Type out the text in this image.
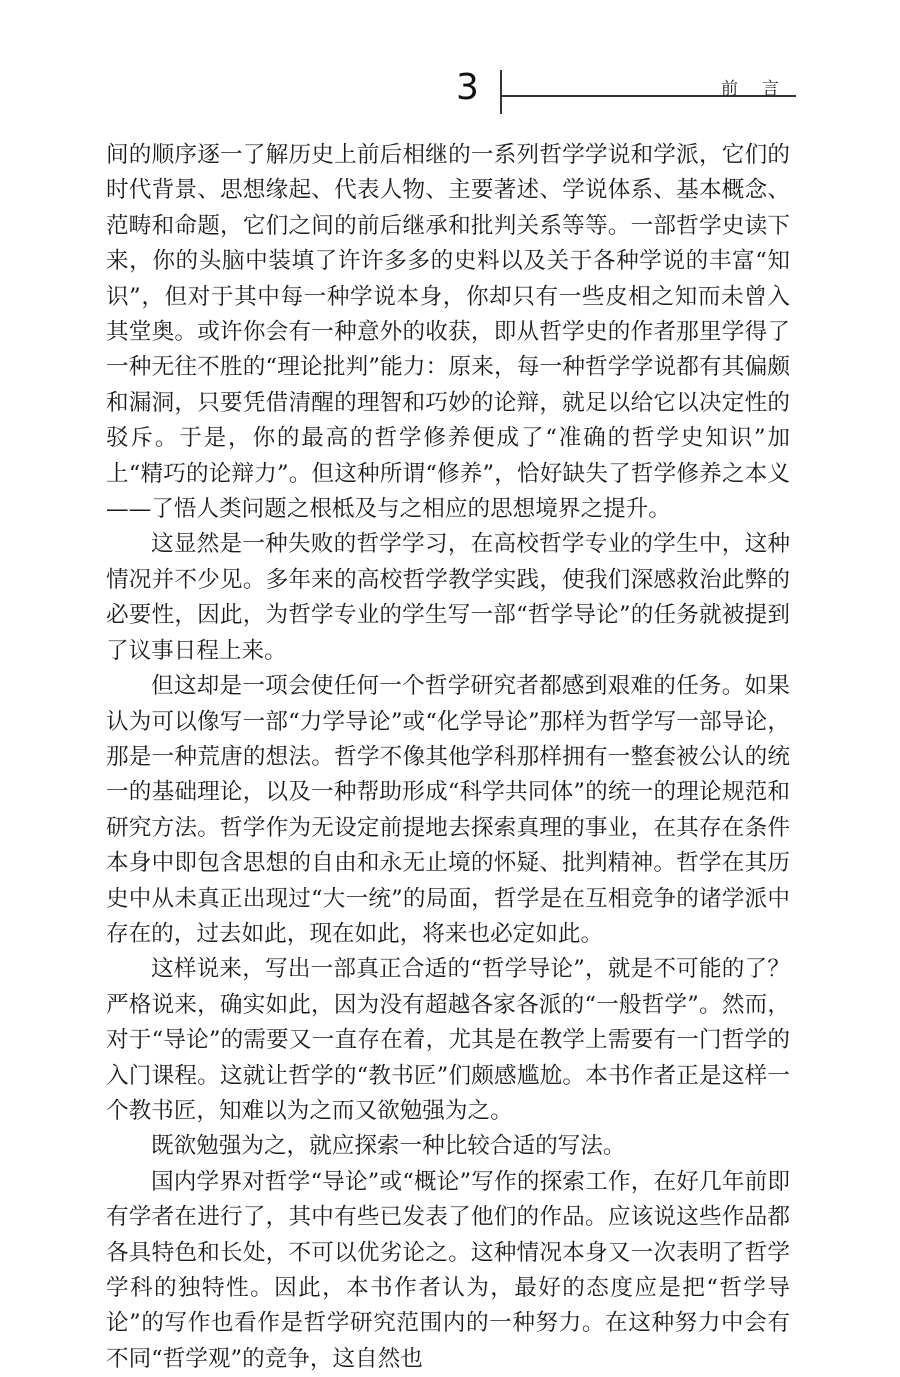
3	前言

间的顺序逐一了解历史上前后相继的一系列哲学学说和学派，它们的时代背景、思想缘起、代表人物、主要著述、学说体系、基本概念、范畴和命题，它们之间的前后继承和批判关系等等。一部哲学史读下来，你的头脑中装填了许许多多的史料以及关于各种学说的丰富“知识”，但对于其中每一种学说本身，你却只有一些皮相之知而未曾入其堂奥。或许你会有一种意外的收获，即从哲学史的作者那里学得了一种无往不胜的“理论批判”能力：原来，每一种哲学学说都有其偏颇和漏洞，只要凭借清醒的理智和巧妙的论辩，就足以给它以决定性的驳斥。于是，你的最高的哲学修养便成了“准确的哲学史知识”加上“精巧的论辩力”。但这种所谓“修养”，恰好缺失了哲学修养之本义——了悟人类问题之根柢及与之相应的思想境界之提升。

这显然是一种失败的哲学学习，在高校哲学专业的学生中，这种情况并不少见。多年来的高校哲学教学实践，使我们深感救治此弊的必要性，因此，为哲学专业的学生写一部“哲学导论”的任务就被提到了议事日程上来。

但这却是一项会使任何一个哲学研究者都感到艰难的任务。如果认为可以像写一部“力学导论”或“化学导论”那样为哲学写一部导论，那是一种荒唐的想法。哲学不像其他学科那样拥有一整套被公认的统一的基础理论，以及一种帮助形成“科学共同体”的统一的理论规范和研究方法。哲学作为无设定前提地去探索真理的事业，在其存在条件本身中即包含思想的自由和永无止境的怀疑、批判精神。哲学在其历史中从未真正出现过“大一统”的局面，哲学是在互相竞争的诸学派中存在的，过去如此，现在如此，将来也必定如此。

这样说来，写出一部真正合适的“哲学导论”，就是不可能的了？严格说来，确实如此，因为没有超越各家各派的“一般哲学”。然而，对于“导论”的需要又一直存在着，尤其是在教学上需要有一门哲学的入门课程。这就让哲学的“教书匠”们颇感尴尬。本书作者正是这样一个教书匠，知难以为之而又欲勉强为之。

既欲勉强为之，就应探索一种比较合适的写法。

国内学界对哲学“导论”或“概论”写作的探索工作，在好几年前即有学者在进行了，其中有些已发表了他们的作品。应该说这些作品都各具特色和长处，不可以优劣论之。这种情况本身又一次表明了哲学学科的独特性。因此，本书作者认为，最好的态度应是把“哲学导论”的写作也看作是哲学研究范围内的一种努力。在这种努力中会有不同“哲学观”的竞争，这自然也
